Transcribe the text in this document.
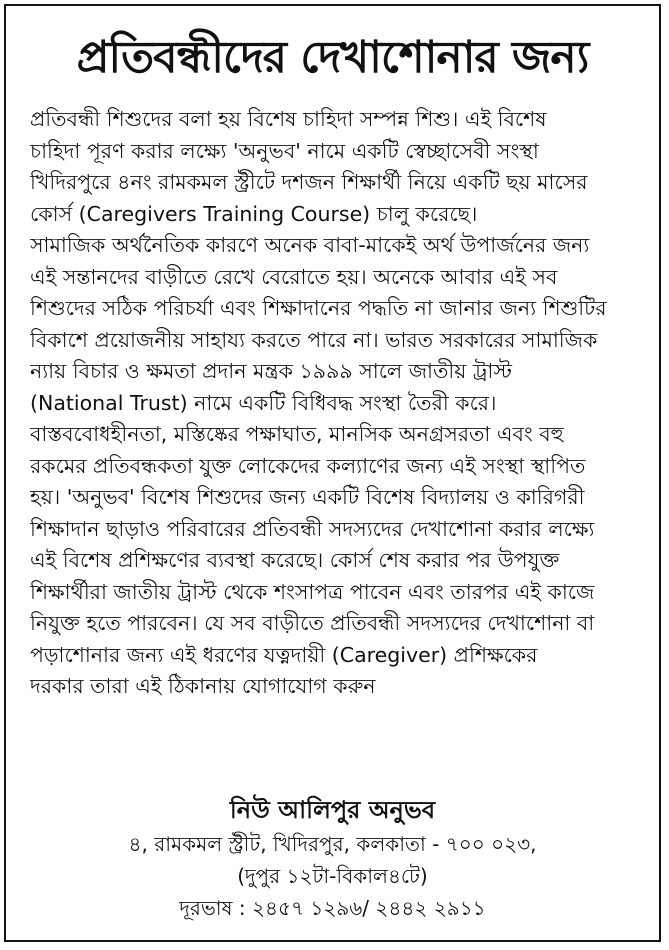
প্রতিবন্ধীদের দেখাশোনার জন্য
প্রতিবন্ধী শিশুদের বলা হয় বিশেষ চাহিদা সম্পন্ন শিশু। এই বিশেষ
চাহিদা পূরণ করার লক্ষ্যে 'অনুভব' নামে একটি স্বেচ্ছাসেবী সংস্থা
খিদিরপুরে ৪নং রামকমল স্ট্রীটে দশজন শিক্ষার্থী নিয়ে একটি ছয় মাসের
কোর্স (Caregivers Training Course) চালু করেছে।
সামাজিক অর্থনৈতিক কারণে অনেক বাবা-মাকেই অর্থ উপার্জনের জন্য
এই সন্তানদের বাড়ীতে রেখে বেরোতে হয়। অনেকে আবার এই সব
শিশুদের সঠিক পরিচর্যা এবং শিক্ষাদানের পদ্ধতি না জানার জন্য শিশুটির
বিকাশে প্রয়োজনীয় সাহায্য করতে পারে না। ভারত সরকারের সামাজিক
ন্যায় বিচার ও ক্ষমতা প্রদান মন্ত্রক ১৯৯৯ সালে জাতীয় ট্রাস্ট
(National Trust) নামে একটি বিধিবদ্ধ সংস্থা তৈরী করে।
বাস্তববোধহীনতা, মস্তিষ্কের পক্ষাঘাত, মানসিক অনগ্রসরতা এবং বহু
রকমের প্রতিবন্ধকতা যুক্ত লোকেদের কল্যাণের জন্য এই সংস্থা স্থাপিত
হয়। 'অনুভব' বিশেষ শিশুদের জন্য একটি বিশেষ বিদ্যালয় ও কারিগরী
শিক্ষাদান ছাড়াও পরিবারের প্রতিবন্ধী সদস্যদের দেখাশোনা করার লক্ষ্যে
এই বিশেষ প্রশিক্ষণের ব্যবস্থা করেছে। কোর্স শেষ করার পর উপযুক্ত
শিক্ষার্থীরা জাতীয় ট্রাস্ট থেকে শংসাপত্র পাবেন এবং তারপর এই কাজে
নিযুক্ত হতে পারবেন। যে সব বাড়ীতে প্রতিবন্ধী সদস্যদের দেখাশোনা বা
পড়াশোনার জন্য এই ধরণের যত্নদায়ী (Caregiver) প্রশিক্ষকের
দরকার তারা এই ঠিকানায় যোগাযোগ করুন
নিউ আলিপুর অনুভব
৪, রামকমল স্ট্রীট, খিদিরপুর, কলকাতা - ৭০০ ০২৩,
(দুপুর ১২টা-বিকাল৪টে)
দূরভাষ : ২৪৫৭ ১২৯৬/ ২৪৪২ ২৯১১
